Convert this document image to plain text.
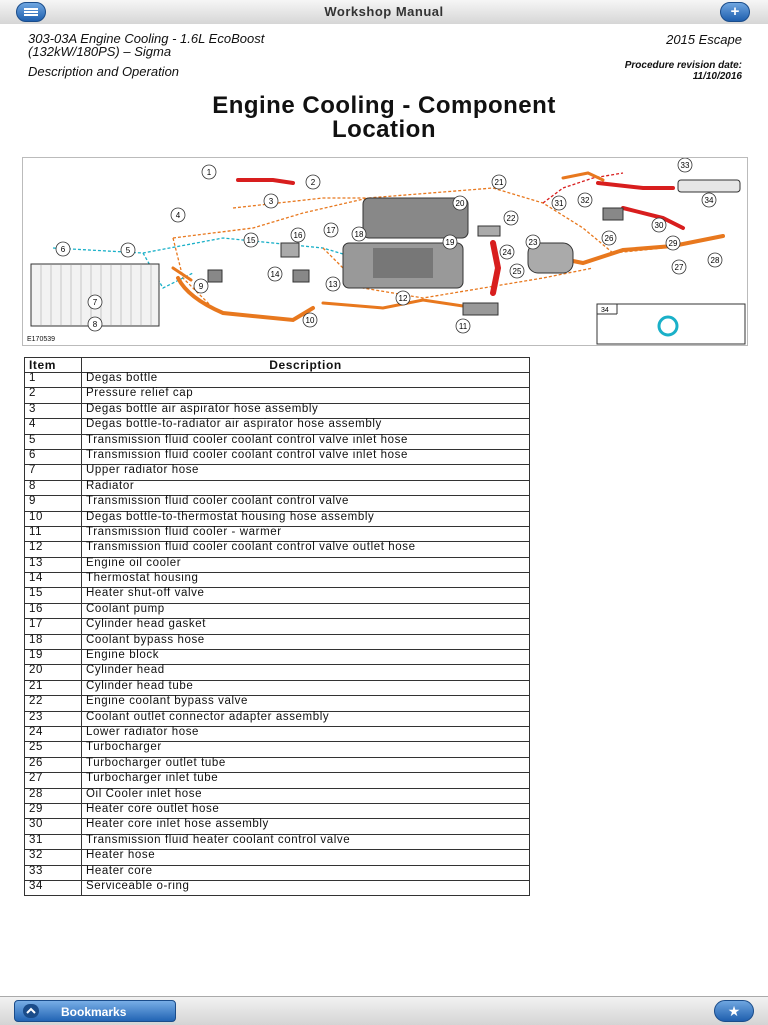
Workshop Manual	+
303-03A Engine Cooling - 1.6L EcoBoost
(132kW/180PS) – Sigma
Description and Operation
2015 Escape
Procedure revision date:
11/10/2016
Engine Cooling - Component
Location
34
1
2
3
4
5
6
7
8
9
10
11
12
13
14
15
16
17 18
19
20
21
22
23
24
25
26
27
28
29
30
31 32
33
34
E170539
Item	Description
1	Degas bottle
2	Pressure relief cap
3	Degas bottle air aspirator hose assembly
4	Degas bottle-to-radiator air aspirator hose assembly
5	Transmission fluid cooler coolant control valve inlet hose
6	Transmission fluid cooler coolant control valve inlet hose
7	Upper radiator hose
8	Radiator
9	Transmission fluid cooler coolant control valve
10	Degas bottle-to-thermostat housing hose assembly
11	Transmission fluid cooler - warmer
12	Transmission fluid cooler coolant control valve outlet hose
13	Engine oil cooler
14	Thermostat housing
15	Heater shut-off valve
16	Coolant pump
17	Cylinder head gasket
18	Coolant bypass hose
19	Engine block
20	Cylinder head
21	Cylinder head tube
22	Engine coolant bypass valve
23	Coolant outlet connector adapter assembly
24	Lower radiator hose
25	Turbocharger
26	Turbocharger outlet tube
27	Turbocharger inlet tube
28	Oil Cooler inlet hose
29	Heater core outlet hose
30	Heater core inlet hose assembly
31	Transmission fluid heater coolant control valve
32	Heater hose
33	Heater core
34	Serviceable o-ring
Bookmarks	★
